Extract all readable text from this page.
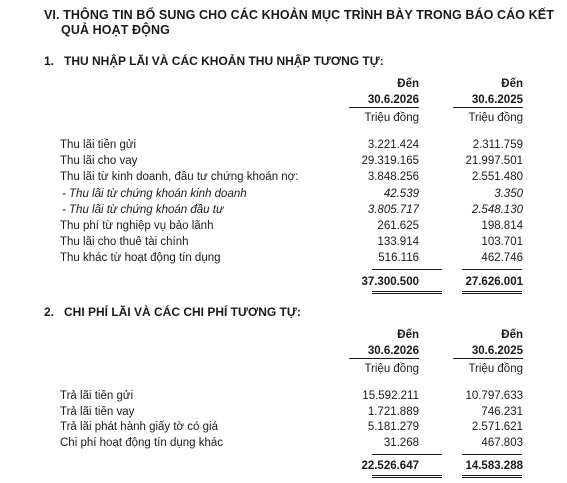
VI. THÔNG TIN BỔ SUNG CHO CÁC KHOẢN MỤC TRÌNH BÀY TRONG BÁO CÁO KẾT
QUẢ HOẠT ĐỘNG
1.   THU NHẬP LÃI VÀ CÁC KHOẢN THU NHẬP TƯƠNG TỰ:
Đến	Đến
30.6.2026	30.6.2025
Triệu đồng	Triệu đồng
Thu lãi tiền gửi	3.221.424	2.311.759
Thu lãi cho vay	29.319.165	21.997.501
Thu lãi từ kinh doanh, đầu tư chứng khoán nợ:	3.848.256	2.551.480
- Thu lãi từ chứng khoán kinh doanh	42.539	3.350
- Thu lãi từ chứng khoán đầu tư	3.805.717	2.548.130
Thu phí từ nghiệp vụ bảo lãnh	261.625	198.814
Thu lãi cho thuê tài chính	133.914	103.701
Thu khác từ hoạt động tín dụng	516.116	462.746
37.300.500	27.626.001
2.   CHI PHÍ LÃI VÀ CÁC CHI PHÍ TƯƠNG TỰ:
Đến	Đến
30.6.2026	30.6.2025
Triệu đồng	Triệu đồng
Trả lãi tiền gửi	15.592.211	10.797.633
Trả lãi tiền vay	1.721.889	746.231
Trả lãi phát hành giấy tờ có giá	5.181.279	2.571.621
Chi phí hoạt động tín dụng khác	31.268	467.803
22.526.647	14.583.288
